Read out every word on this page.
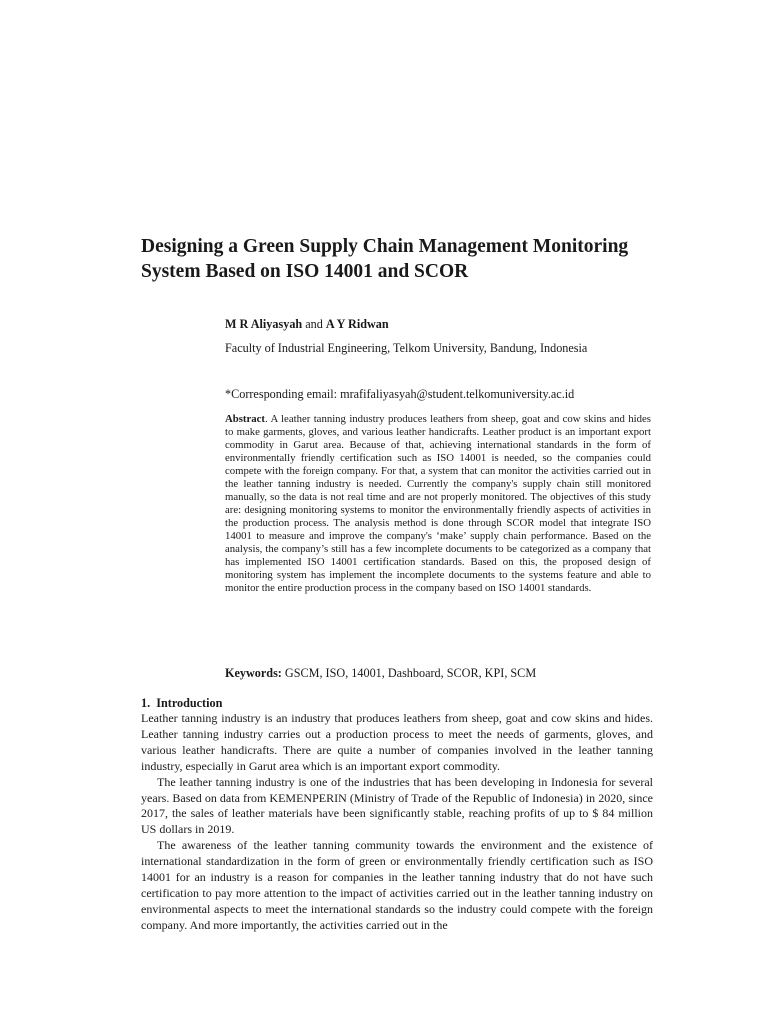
Designing a Green Supply Chain Management Monitoring System Based on ISO 14001 and SCOR

M R Aliyasyah and A Y Ridwan

Faculty of Industrial Engineering, Telkom University, Bandung, Indonesia

*Corresponding email: mrafifaliyasyah@student.telkomuniversity.ac.id

Abstract. A leather tanning industry produces leathers from sheep, goat and cow skins and hides to make garments, gloves, and various leather handicrafts. Leather product is an important export commodity in Garut area. Because of that, achieving international standards in the form of environmentally friendly certification such as ISO 14001 is needed, so the companies could compete with the foreign company. For that, a system that can monitor the activities carried out in the leather tanning industry is needed. Currently the company's supply chain still monitored manually, so the data is not real time and are not properly monitored. The objectives of this study are: designing monitoring systems to monitor the environmentally friendly aspects of activities in the production process. The analysis method is done through SCOR model that integrate ISO 14001 to measure and improve the company's ‘make’ supply chain performance. Based on the analysis, the company’s still has a few incomplete documents to be categorized as a company that has implemented ISO 14001 certification standards. Based on this, the proposed design of monitoring system has implement the incomplete documents to the systems feature and able to monitor the entire production process in the company based on ISO 14001 standards.

Keywords: GSCM, ISO, 14001, Dashboard, SCOR, KPI, SCM

1.  Introduction

Leather tanning industry is an industry that produces leathers from sheep, goat and cow skins and hides. Leather tanning industry carries out a production process to meet the needs of garments, gloves, and various leather handicrafts. There are quite a number of companies involved in the leather tanning industry, especially in Garut area which is an important export commodity.

The leather tanning industry is one of the industries that has been developing in Indonesia for several years. Based on data from KEMENPERIN (Ministry of Trade of the Republic of Indonesia) in 2020, since 2017, the sales of leather materials have been significantly stable, reaching profits of up to $ 84 million US dollars in 2019.

The awareness of the leather tanning community towards the environment and the existence of international standardization in the form of green or environmentally friendly certification such as ISO 14001 for an industry is a reason for companies in the leather tanning industry that do not have such certification to pay more attention to the impact of activities carried out in the leather tanning industry on environmental aspects to meet the international standards so the industry could compete with the foreign company. And more importantly, the activities carried out in the
